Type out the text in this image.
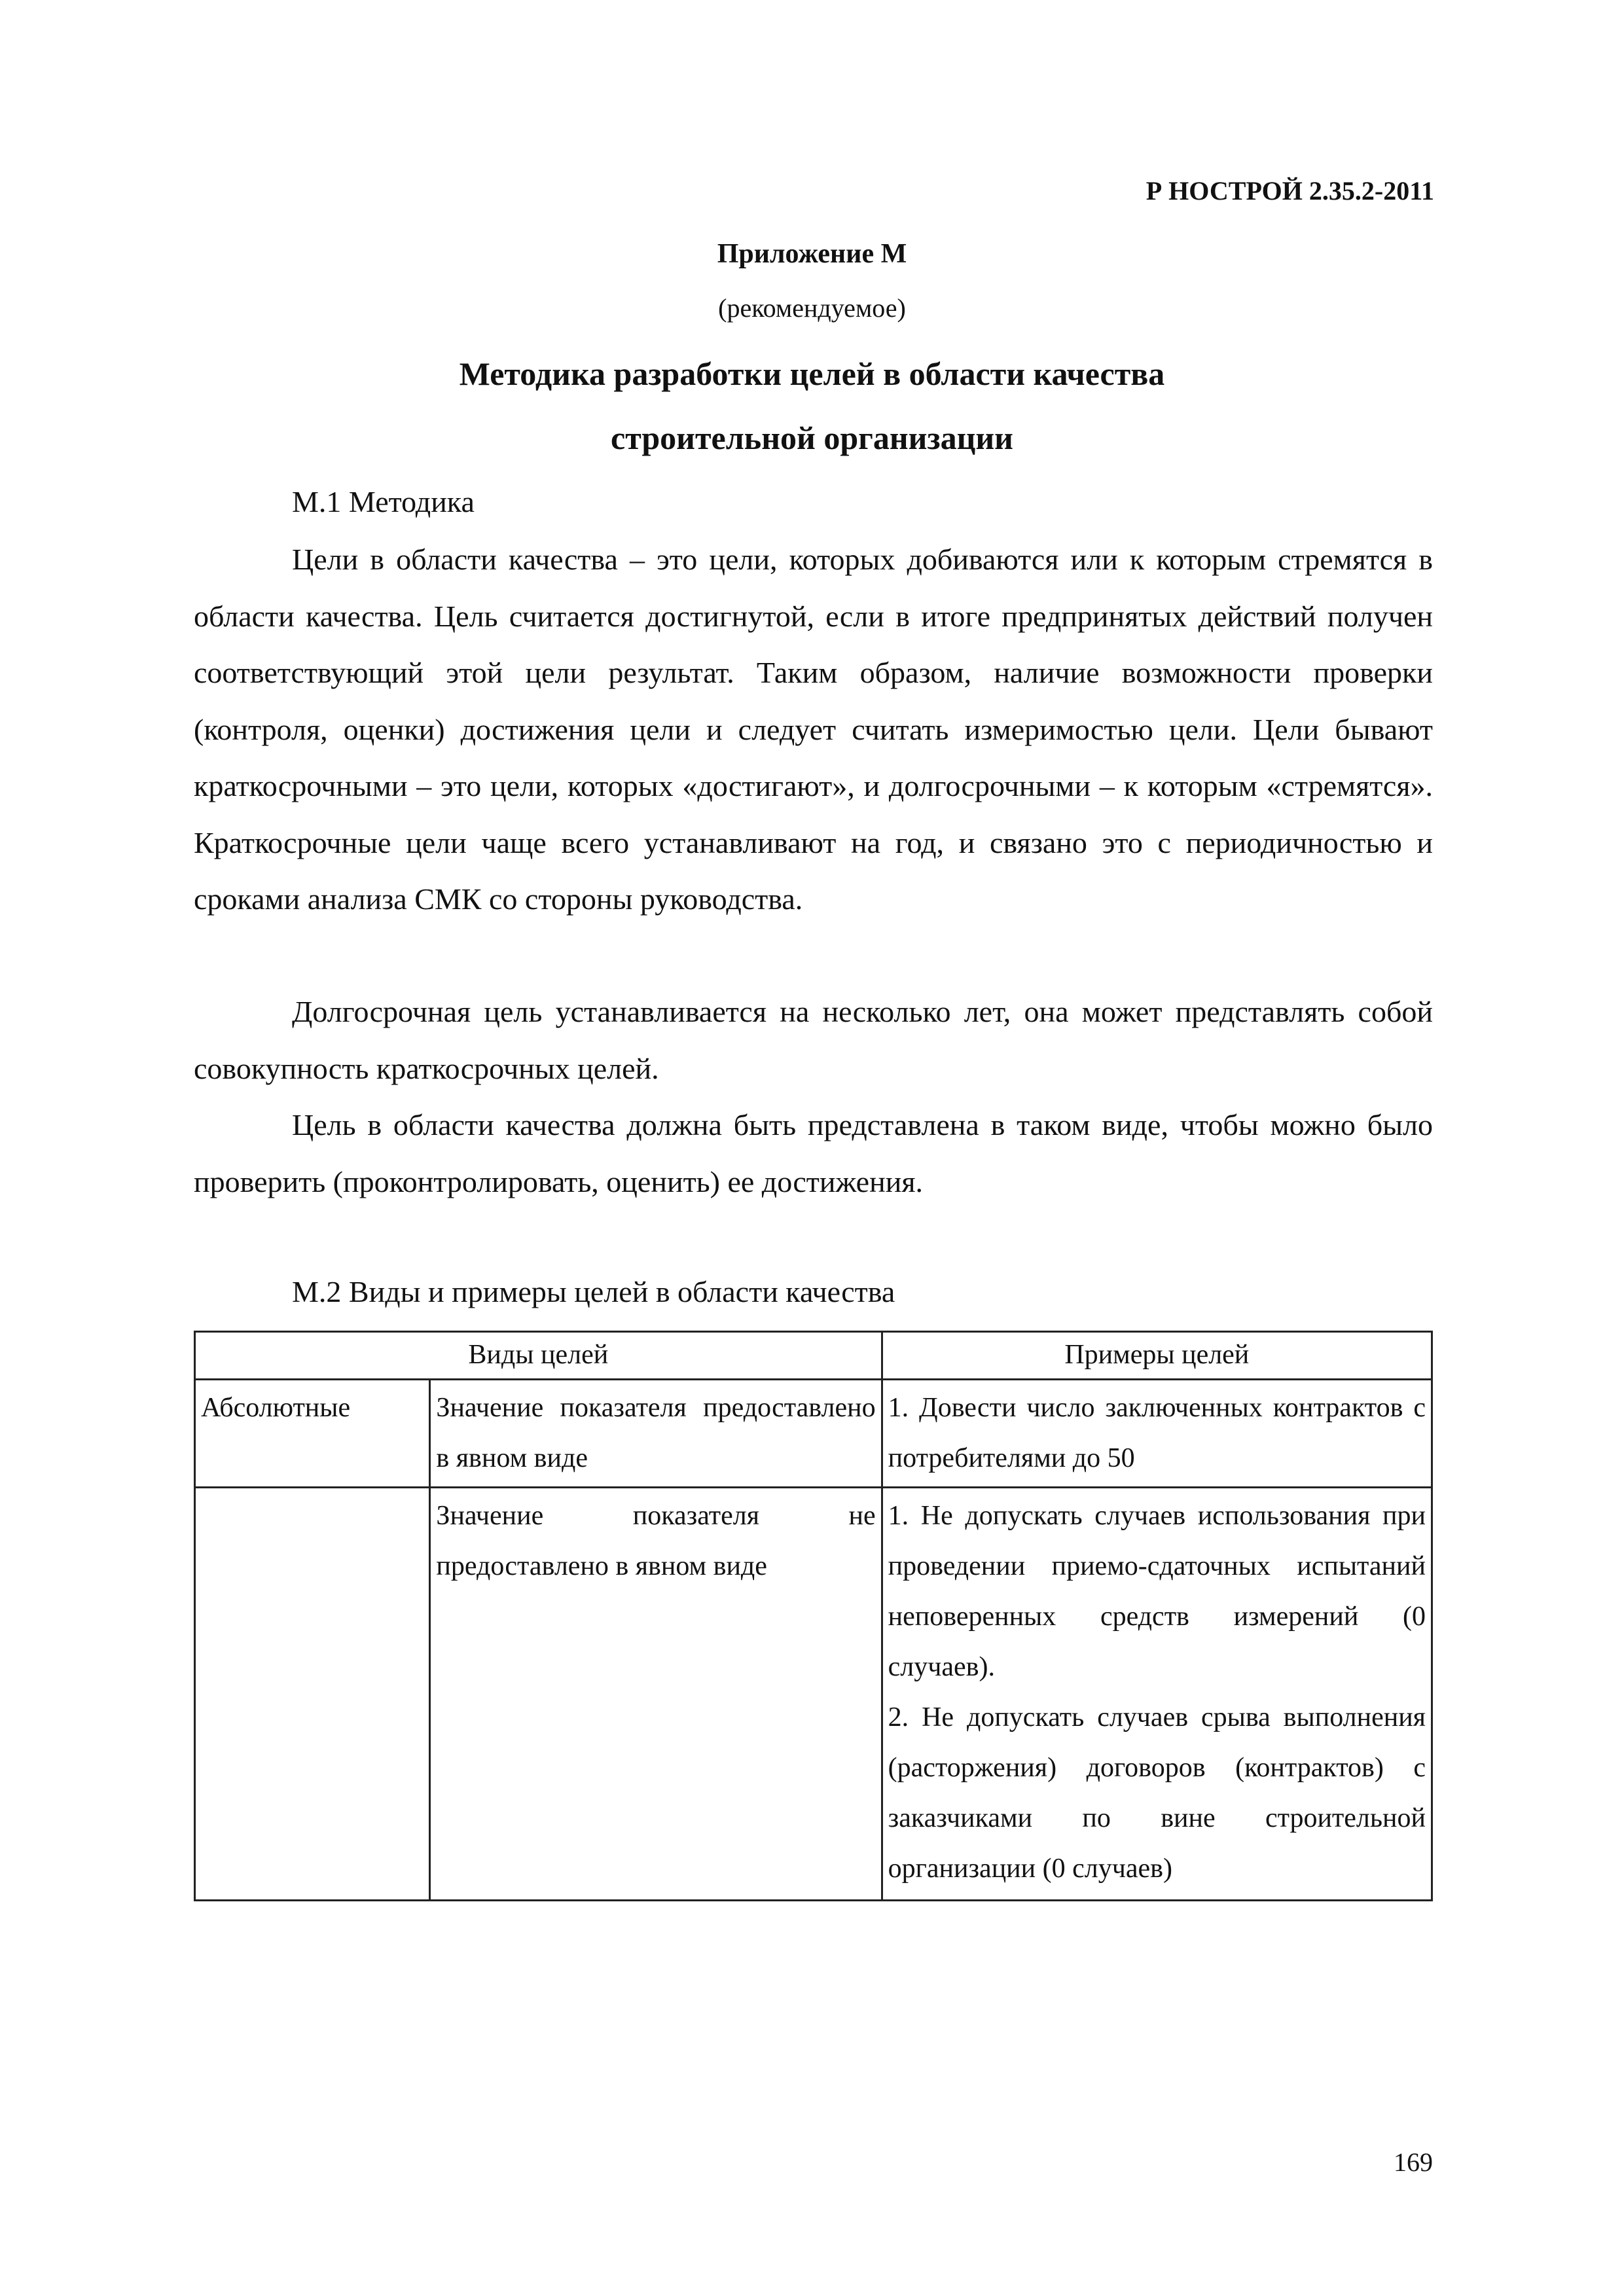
Р НОСТРОЙ 2.35.2-2011
Приложение М
(рекомендуемое)
Методика разработки целей в области качества
строительной организации
М.1 Методика

Цели в области качества – это цели, которых добиваются или к которым стремятся в области качества. Цель считается достигнутой, если в итоге предпринятых действий получен соответствующий этой цели результат. Таким образом, наличие возможности проверки (контроля, оценки) достижения цели и следует считать измеримостью цели. Цели бывают краткосрочными – это цели, которых «достигают», и долгосрочными – к которым «стремятся». Краткосрочные цели чаще всего устанавливают на год, и связано это с периодичностью и сроками анализа СМК со стороны руководства.

Долгосрочная цель устанавливается на несколько лет, она может представлять собой совокупность краткосрочных целей.

Цель в области качества должна быть представлена в таком виде, чтобы можно было проверить (проконтролировать, оценить) ее достижения.

М.2 Виды и примеры целей в области качества
Виды целей		Примеры целей
Абсолютные	Значение показателя предоставлено в явном виде	1. Довести число заключенных контрактов с потребителями до 50
	Значение показателя не предоставлено в явном виде	1. Не допускать случаев использования при проведении приемо-сдаточных испытаний неповеренных средств измерений (0 случаев).
2. Не допускать случаев срыва выполнения (расторжения) договоров (контрактов) с заказчиками по вине строительной организации (0 случаев)
169
